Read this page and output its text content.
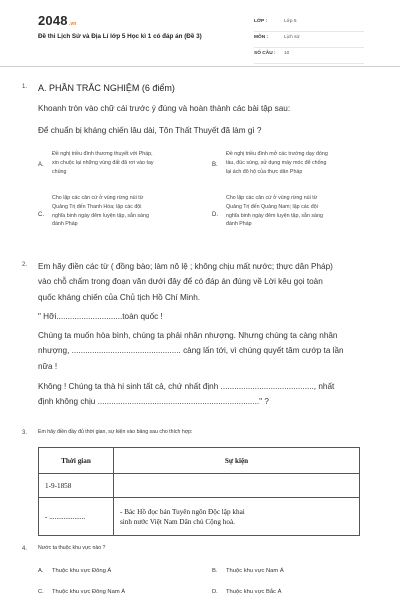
2048.vn
Đề thi Lịch Sử và Địa Lí lớp 5 Học kì 1 có đáp án (Đề 3)
LỚP :	Lớp 5
MÔN :	Lịch sử
SỐ CÂU : 10
1. A. PHẦN TRẮC NGHIỆM (6 điểm)
Khoanh tròn vào chữ cái trước ý đúng và hoàn thành các bài tập sau:
Để chuẩn bị kháng chiến lâu dài, Tôn Thất Thuyết đã làm gì ?
A.
Đề nghị triều đình thương thuyết với Pháp,
xin chuộc lại những vùng đất đã rơi vào tay
chúng
B.
Đề nghị triều đình mở các trường dạy đóng
tàu, đúc súng, sử dụng máy móc để chống
lại ách đô hộ của thực dân Pháp
C.
Cho lập các căn cứ ở vùng rừng núi từ
Quảng Trị đến Thanh Hóa; lập các đội
nghĩa binh ngày đêm luyện tập, sẵn sàng
đánh Pháp
D.
Cho lập các căn cứ ở vùng rừng núi từ
Quảng Trị đến Quảng Nam; lập các đội
nghĩa binh ngày đêm luyện tập, sẵn sàng
đánh Pháp
2. Em hãy điền các từ ( đồng bào; làm nô lệ ; không chịu mất nước; thực dân Pháp)
vào chỗ chấm trong đoạn văn dưới đây để có đáp án đúng về Lời kêu gọi toàn
quốc kháng chiến của Chủ tịch Hồ Chí Minh.
" Hỡi.............................toàn quốc !
Chúng ta muốn hòa bình, chúng ta phải nhân nhượng. Nhưng chúng ta càng nhân
nhượng, ................................................ càng lấn tới, vì chúng quyết tâm cướp ta lần
nữa !
Không ! Chúng ta thà hi sinh tất cả, chứ nhất định ........................................., nhất
định không chịu ......................................................................." ?
3. Em hãy điền đầy đủ thời gian, sự kiện vào bảng sau cho thích hợp:
Thời gian	Sự kiện
1-9-1858	
- ....................	- Bác Hồ đọc bản Tuyên ngôn Độc lập khai
sinh nước Việt Nam Dân chủ Cộng hoà.
4. Nước ta thuộc khu vực nào ?
A. Thuộc khu vực Đông Á	B. Thuộc khu vực Nam Á
C. Thuộc khu vực Đông Nam Á	D. Thuộc khu vực Bắc Á
